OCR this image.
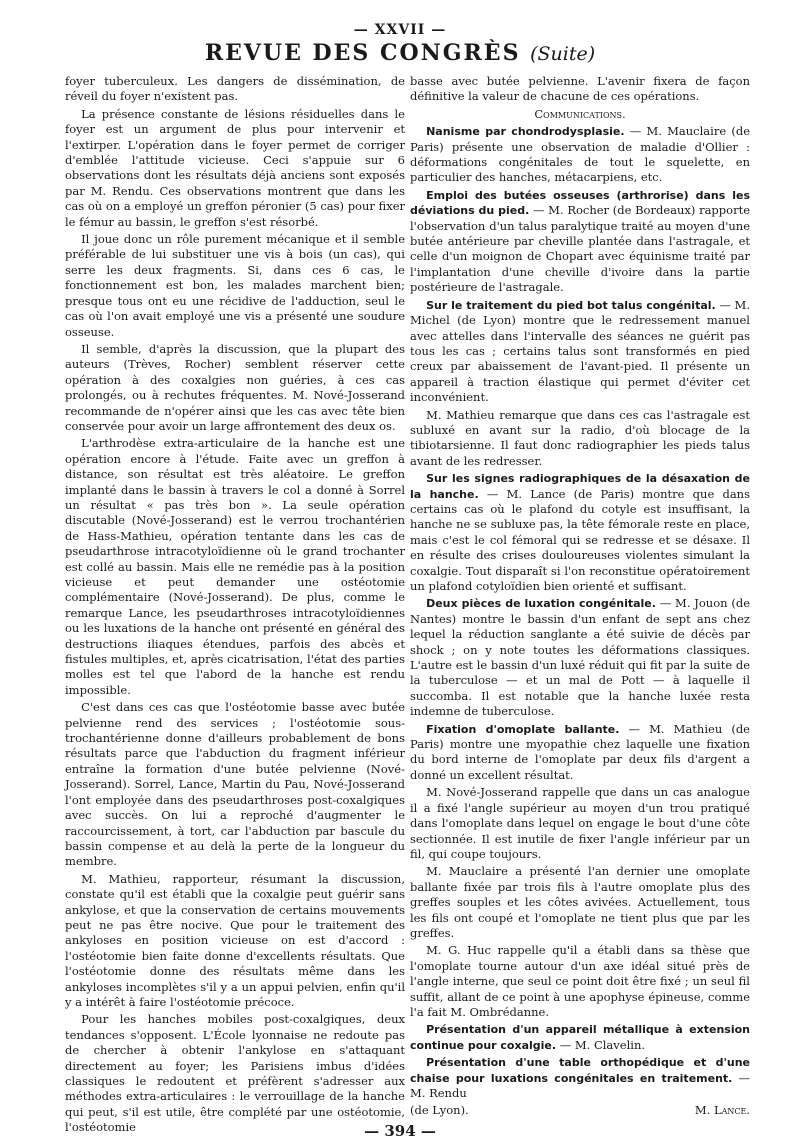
— XXVII —
REVUE DES CONGRÈS (Suite)

foyer tuberculeux. Les dangers de dissémination, de réveil du foyer n'existent pas.

La présence constante de lésions résiduelles dans le foyer est un argument de plus pour intervenir et l'extirper. L'opération dans le foyer permet de corriger d'emblée l'attitude vicieuse. Ceci s'appuie sur 6 observations dont les résultats déjà anciens sont exposés par M. Rendu. Ces observations montrent que dans les cas où on a employé un greffon péronier (5 cas) pour fixer le fémur au bassin, le greffon s'est résorbé.

Il joue donc un rôle purement mécanique et il semble préférable de lui substituer une vis à bois (un cas), qui serre les deux fragments. Si, dans ces 6 cas, le fonctionnement est bon, les malades marchent bien; presque tous ont eu une récidive de l'adduction, seul le cas où l'on avait employé une vis a présenté une soudure osseuse.

Il semble, d'après la discussion, que la plupart des auteurs (Trèves, Rocher) semblent réserver cette opération à des coxalgies non guéries, à ces cas prolongés, ou à rechutes fréquentes. M. Nové-Josserand recommande de n'opérer ainsi que les cas avec tête bien conservée pour avoir un large affrontement des deux os.

L'arthrodèse extra-articulaire de la hanche est une opération encore à l'étude. Faite avec un greffon à distance, son résultat est très aléatoire. Le greffon implanté dans le bassin à travers le col a donné à Sorrel un résultat « pas très bon ». La seule opération discutable (Nové-Josserand) est le verrou trochantérien de Hass-Mathieu, opération tentante dans les cas de pseudarthrose intracotyloïdienne où le grand trochanter est collé au bassin. Mais elle ne remédie pas à la position vicieuse et peut demander une ostéotomie complémentaire (Nové-Josserand). De plus, comme le remarque Lance, les pseudarthroses intracotyloïdiennes ou les luxations de la hanche ont présenté en général des destructions iliaques étendues, parfois des abcès et fistules multiples, et, après cicatrisation, l'état des parties molles est tel que l'abord de la hanche est rendu impossible.

C'est dans ces cas que l'ostéotomie basse avec butée pelvienne rend des services ; l'ostéotomie sous-trochantérienne donne d'ailleurs probablement de bons résultats parce que l'abduction du fragment inférieur entraîne la formation d'une butée pelvienne (Nové-Josserand). Sorrel, Lance, Martin du Pau, Nové-Josserand l'ont employée dans des pseudarthroses post-coxalgiques avec succès. On lui a reproché d'augmenter le raccourcissement, à tort, car l'abduction par bascule du bassin compense et au delà la perte de la longueur du membre.

M. Mathieu, rapporteur, résumant la discussion, constate qu'il est établi que la coxalgie peut guérir sans ankylose, et que la conservation de certains mouvements peut ne pas être nocive. Que pour le traitement des ankyloses en position vicieuse on est d'accord : l'ostéotomie bien faite donne d'excellents résultats. Que l'ostéotomie donne des résultats même dans les ankyloses incomplètes s'il y a un appui pelvien, enfin qu'il y a intérêt à faire l'ostéotomie précoce.

Pour les hanches mobiles post-coxalgiques, deux tendances s'opposent. L'École lyonnaise ne redoute pas de chercher à obtenir l'ankylose en s'attaquant directement au foyer; les Parisiens imbus d'idées classiques le redoutent et préfèrent s'adresser aux méthodes extra-articulaires : le verrouillage de la hanche qui peut, s'il est utile, être complété par une ostéotomie, l'ostéotomie

basse avec butée pelvienne. L'avenir fixera de façon définitive la valeur de chacune de ces opérations.

Communications.

Nanisme par chondrodysplasie. — M. Mauclaire (de Paris) présente une observation de maladie d'Ollier : déformations congénitales de tout le squelette, en particulier des hanches, métacarpiens, etc.

Emploi des butées osseuses (arthrorise) dans les déviations du pied. — M. Rocher (de Bordeaux) rapporte l'observation d'un talus paralytique traité au moyen d'une butée antérieure par cheville plantée dans l'astragale, et celle d'un moignon de Chopart avec équinisme traité par l'implantation d'une cheville d'ivoire dans la partie postérieure de l'astragale.

Sur le traitement du pied bot talus congénital. — M. Michel (de Lyon) montre que le redressement manuel avec attelles dans l'intervalle des séances ne guérit pas tous les cas ; certains talus sont transformés en pied creux par abaissement de l'avant-pied. Il présente un appareil à traction élastique qui permet d'éviter cet inconvénient.

M. Mathieu remarque que dans ces cas l'astragale est subluxé en avant sur la radio, d'où blocage de la tibiotarsienne. Il faut donc radiographier les pieds talus avant de les redresser.

Sur les signes radiographiques de la désaxation de la hanche. — M. Lance (de Paris) montre que dans certains cas où le plafond du cotyle est insuffisant, la hanche ne se subluxe pas, la tête fémorale reste en place, mais c'est le col fémoral qui se redresse et se désaxe. Il en résulte des crises douloureuses violentes simulant la coxalgie. Tout disparaît si l'on reconstitue opératoirement un plafond cotyloïdien bien orienté et suffisant.

Deux pièces de luxation congénitale. — M. Jouon (de Nantes) montre le bassin d'un enfant de sept ans chez lequel la réduction sanglante a été suivie de décès par shock ; on y note toutes les déformations classiques. L'autre est le bassin d'un luxé réduit qui fit par la suite de la tuberculose — et un mal de Pott — à laquelle il succomba. Il est notable que la hanche luxée resta indemne de tuberculose.

Fixation d'omoplate ballante. — M. Mathieu (de Paris) montre une myopathie chez laquelle une fixation du bord interne de l'omoplate par deux fils d'argent a donné un excellent résultat.

M. Nové-Josserand rappelle que dans un cas analogue il a fixé l'angle supérieur au moyen d'un trou pratiqué dans l'omoplate dans lequel on engage le bout d'une côte sectionnée. Il est inutile de fixer l'angle inférieur par un fil, qui coupe toujours.

M. Mauclaire a présenté l'an dernier une omoplate ballante fixée par trois fils à l'autre omoplate plus des greffes souples et les côtes avivées. Actuellement, tous les fils ont coupé et l'omoplate ne tient plus que par les greffes.

M. G. Huc rappelle qu'il a établi dans sa thèse que l'omoplate tourne autour d'un axe idéal situé près de l'angle interne, que seul ce point doit être fixé ; un seul fil suffit, allant de ce point à une apophyse épineuse, comme l'a fait M. Ombrédanne.

Présentation d'un appareil métallique à extension continue pour coxalgie. — M. Clavelin.

Présentation d'une table orthopédique et d'une chaise pour luxations congénitales en traitement. — M. Rendu

(de Lyon).	M. Lance.

— 394 —
